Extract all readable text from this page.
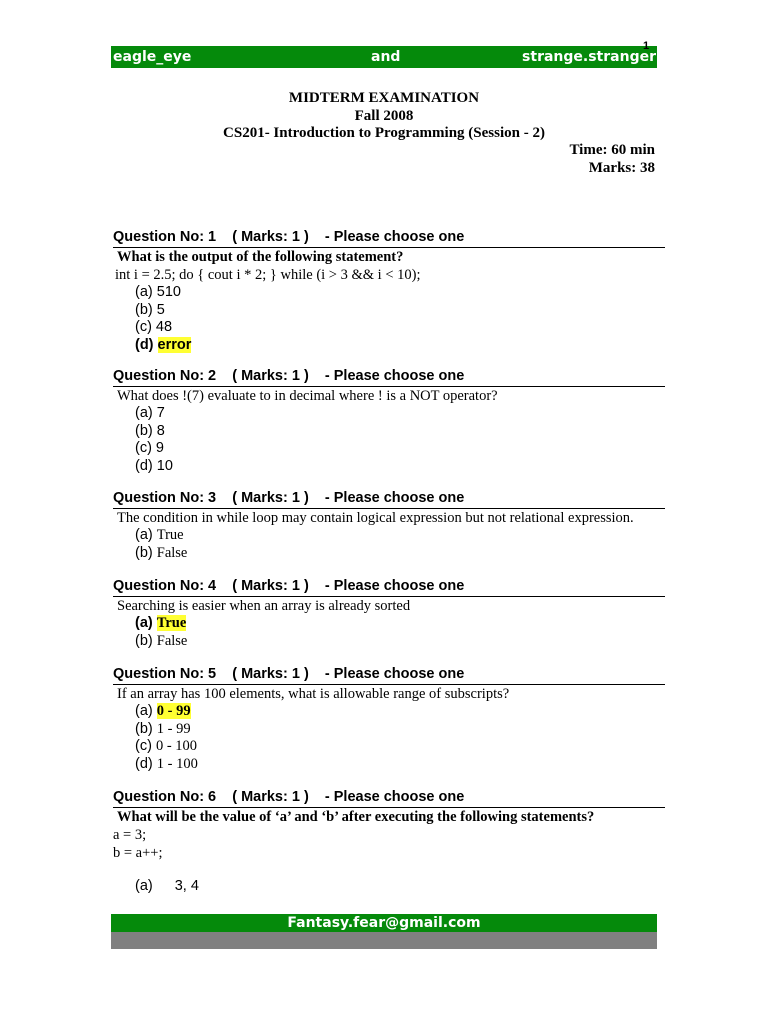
eagle_eye	and	strange.stranger
1
MIDTERM EXAMINATION
Fall 2008
CS201- Introduction to Programming (Session - 2)
Time: 60 min
Marks: 38
Question No: 1    ( Marks: 1 )    - Please choose one
What is the output of the following statement?
int i = 2.5; do { cout i * 2; } while (i > 3 && i < 10);
(a) 510
(b) 5
(c) 48
(d) error
Question No: 2    ( Marks: 1 )    - Please choose one
What does !(7) evaluate to in decimal where ! is a NOT operator?
(a) 7
(b) 8
(c) 9
(d) 10
Question No: 3    ( Marks: 1 )    - Please choose one
The condition in while loop may contain logical expression but not relational expression.
(a) True
(b) False
Question No: 4    ( Marks: 1 )    - Please choose one
Searching is easier when an array is already sorted
(a) True
(b) False
Question No: 5    ( Marks: 1 )    - Please choose one
If an array has 100 elements, what is allowable range of subscripts?
(a) 0 - 99
(b) 1 - 99
(c) 0 - 100
(d) 1 - 100
Question No: 6    ( Marks: 1 )    - Please choose one
What will be the value of ‘a’ and ‘b’ after executing the following statements?
a = 3;
b = a++;
(a) 3, 4
Fantasy.fear@gmail.com
